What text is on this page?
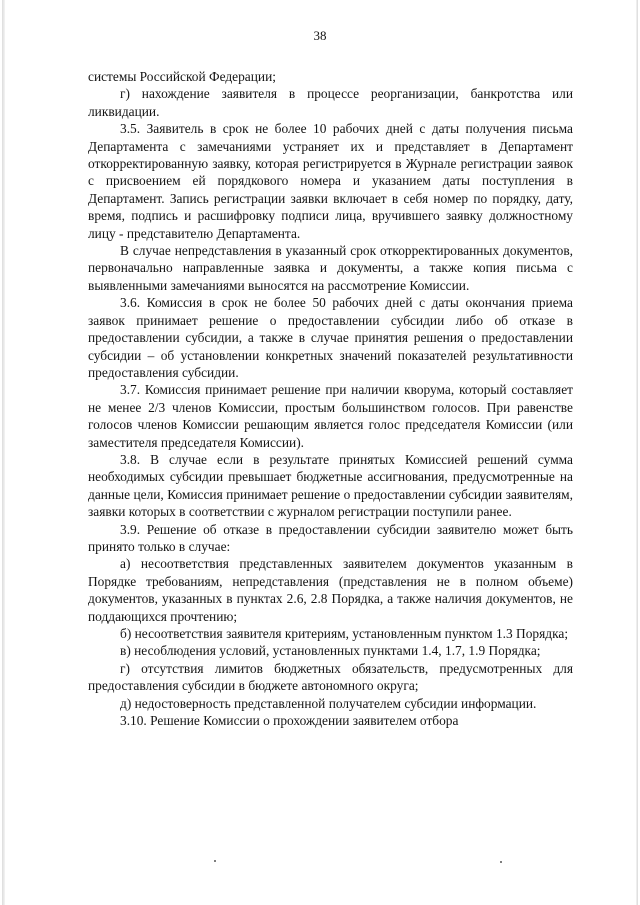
38

системы Российской Федерации;

г) нахождение заявителя в процессе реорганизации, банкротства или ликвидации.

3.5. Заявитель в срок не более 10 рабочих дней с даты получения письма Департамента с замечаниями устраняет их и представляет в Департамент откорректированную заявку, которая регистрируется в Журнале регистрации заявок с присвоением ей порядкового номера и указанием даты поступления в Департамент. Запись регистрации заявки включает в себя номер по порядку, дату, время, подпись и расшифровку подписи лица, вручившего заявку должностному лицу - представителю Департамента.

В случае непредставления в указанный срок откорректированных документов, первоначально направленные заявка и документы, а также копия письма с выявленными замечаниями выносятся на рассмотрение Комиссии.

3.6. Комиссия в срок не более 50 рабочих дней с даты окончания приема заявок принимает решение о предоставлении субсидии либо об отказе в предоставлении субсидии, а также в случае принятия решения о предоставлении субсидии – об установлении конкретных значений показателей результативности предоставления субсидии.

3.7. Комиссия принимает решение при наличии кворума, который составляет не менее 2/3 членов Комиссии, простым большинством голосов. При равенстве голосов членов Комиссии решающим является голос председателя Комиссии (или заместителя председателя Комиссии).

3.8. В случае если в результате принятых Комиссией решений сумма необходимых субсидии превышает бюджетные ассигнования, предусмотренные на данные цели, Комиссия принимает решение о предоставлении субсидии заявителям, заявки которых в соответствии с журналом регистрации поступили ранее.

3.9. Решение об отказе в предоставлении субсидии заявителю может быть принято только в случае:

а) несоответствия представленных заявителем документов указанным в Порядке требованиям, непредставления (представления не в полном объеме) документов, указанных в пунктах 2.6, 2.8 Порядка, а также наличия документов, не поддающихся прочтению;

б) несоответствия заявителя критериям, установленным пунктом 1.3 Порядка;

в) несоблюдения условий, установленных пунктами 1.4, 1.7, 1.9 Порядка;

г) отсутствия лимитов бюджетных обязательств, предусмотренных для предоставления субсидии в бюджете автономного округа;

д) недостоверность представленной получателем субсидии информации.

3.10. Решение Комиссии о прохождении заявителем отбора
